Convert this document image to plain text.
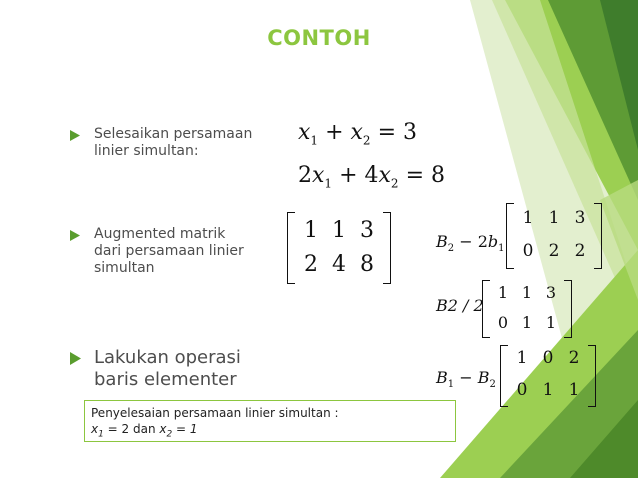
CONTOH
Selesaikan persamaan
linier simultan:
Augmented matrik
dari persamaan linier
simultan
Lakukan operasi
baris elementer
$x_1 + x_2 = 3$
$2x_1 + 4x_2 = 8$
1 1 3
2 4 8
$B_2 - 2b_1$
1 1 3
0 2 2
B2 / 2
1 1 3
0 1 1
$B_1 - B_2$
1 0 2
0 1 1
Penyelesaian persamaan linier simultan :
$x_1 = 2$ dan $x_2 = 1$
